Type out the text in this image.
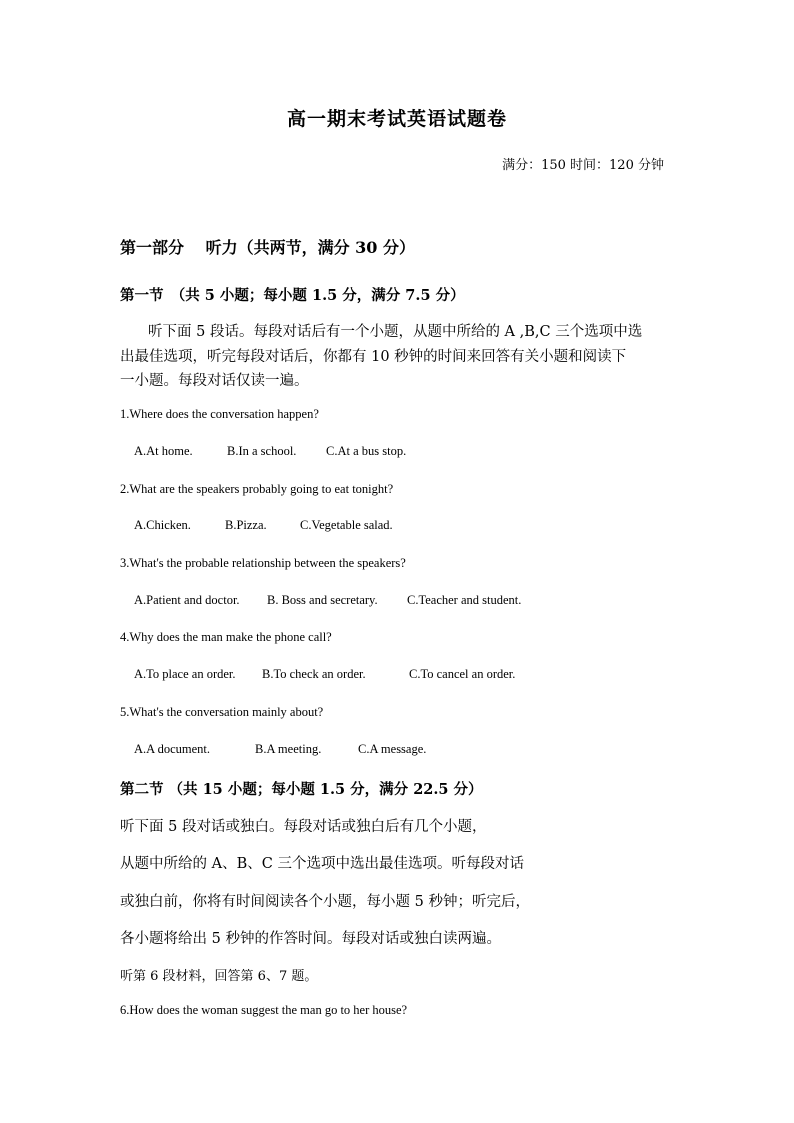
高一期末考试英语试题卷
满分：150 时间：120 分钟
第一部分　 听力（共两节，满分 30 分）
第一节　（共 5 小题；每小题 1.5 分，满分 7.5 分）
听下面 5 段话。每段对话后有一个小题，从题中所给的 A ,B,C 三个选项中选
出最佳选项，听完每段对话后，你都有 10 秒钟的时间来回答有关小题和阅读下
一小题。每段对话仅读一遍。
1.Where does the conversation happen?
A.At home.	B.In a school. C.At a bus stop.
2.What are the speakers probably going to eat tonight?
A.Chicken.	B.Pizza.	C.Vegetable salad.
3.What's the probable relationship between the speakers?
A.Patient and doctor. B. Boss and secretary. C.Teacher and student.
4.Why does the man make the phone call?
A.To place an order. B.To check an order.	C.To cancel an order.
5.What's the conversation mainly about?
A.A document.	B.A meeting.	C.A message.
第二节 （共 15 小题；每小题 1.5 分，满分 22.5 分）
听下面 5 段对话或独白。每段对话或独白后有几个小题，
从题中所给的 A、B、C 三个选项中选出最佳选项。听每段对话
或独白前，你将有时间阅读各个小题，每小题 5 秒钟；听完后，
各小题将给出 5 秒钟的作答时间。每段对话或独白读两遍。
听第 6 段材料，回答第 6、7 题。
6.How does the woman suggest the man go to her house?
